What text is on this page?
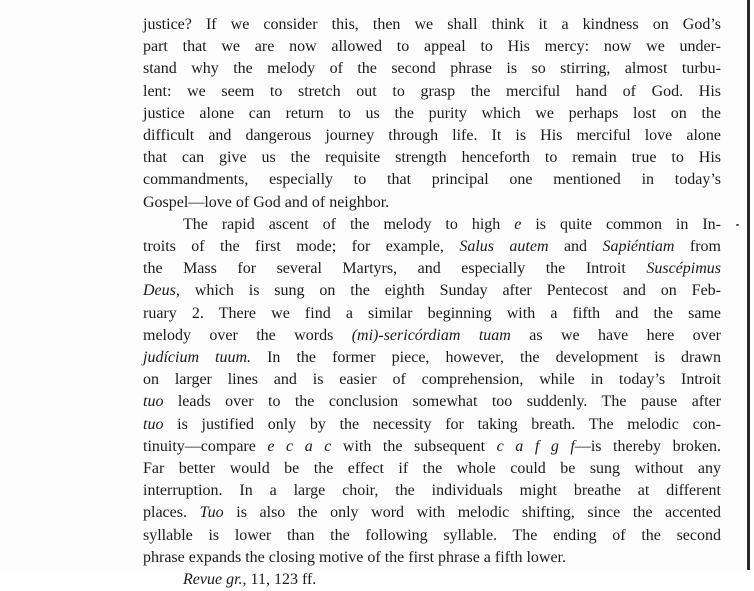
justice? If we consider this, then we shall think it a kindness on God’s
part that we are now allowed to appeal to His mercy: now we under-
stand why the melody of the second phrase is so stirring, almost turbu-
lent: we seem to stretch out to grasp the merciful hand of God. His
justice alone can return to us the purity which we perhaps lost on the
difficult and dangerous journey through life. It is His merciful love alone
that can give us the requisite strength henceforth to remain true to His
commandments, especially to that principal one mentioned in today’s
Gospel—love of God and of neighbor.

The rapid ascent of the melody to high e is quite common in In-
troits of the first mode; for example, Salus autem and Sapiéntiam from
the Mass for several Martyrs, and especially the Introit Suscépimus
Deus, which is sung on the eighth Sunday after Pentecost and on Feb-
ruary 2. There we find a similar beginning with a fifth and the same
melody over the words (mi)-sericórdiam tuam as we have here over
judícium tuum. In the former piece, however, the development is drawn
on larger lines and is easier of comprehension, while in today’s Introit
tuo leads over to the conclusion somewhat too suddenly. The pause after
tuo is justified only by the necessity for taking breath. The melodic con-
tinuity—compare e c a c with the subsequent c a f g f—is thereby broken.
Far better would be the effect if the whole could be sung without any
interruption. In a large choir, the individuals might breathe at different
places. Tuo is also the only word with melodic shifting, since the accented
syllable is lower than the following syllable. The ending of the second
phrase expands the closing motive of the first phrase a fifth lower.

Revue gr., 11, 123 ff.
